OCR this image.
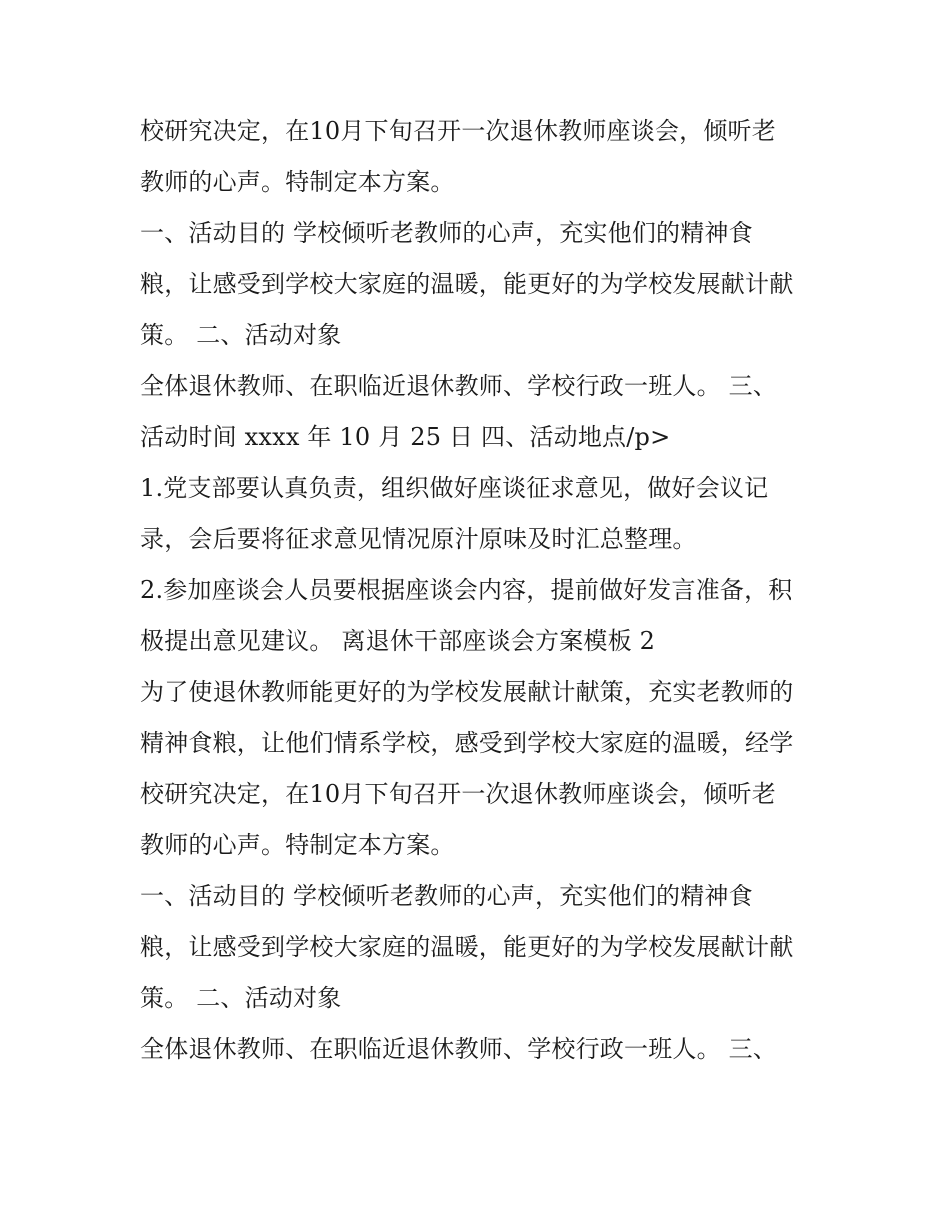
校研究决定，在10月下旬召开一次退休教师座谈会，倾听老
教师的心声。特制定本方案。
一、活动目的 学校倾听老教师的心声，充实他们的精神食
粮，让感受到学校大家庭的温暖，能更好的为学校发展献计献
策。 二、活动对象
全体退休教师、在职临近退休教师、学校行政一班人。 三、
活动时间 xxxx 年 10 月 25 日 四、活动地点/p>
1.党支部要认真负责，组织做好座谈征求意见，做好会议记
录，会后要将征求意见情况原汁原味及时汇总整理。
2.参加座谈会人员要根据座谈会内容，提前做好发言准备，积
极提出意见建议。 离退休干部座谈会方案模板 2
为了使退休教师能更好的为学校发展献计献策，充实老教师的
精神食粮，让他们情系学校，感受到学校大家庭的温暖，经学
校研究决定，在10月下旬召开一次退休教师座谈会，倾听老
教师的心声。特制定本方案。
一、活动目的 学校倾听老教师的心声，充实他们的精神食
粮，让感受到学校大家庭的温暖，能更好的为学校发展献计献
策。 二、活动对象
全体退休教师、在职临近退休教师、学校行政一班人。 三、
